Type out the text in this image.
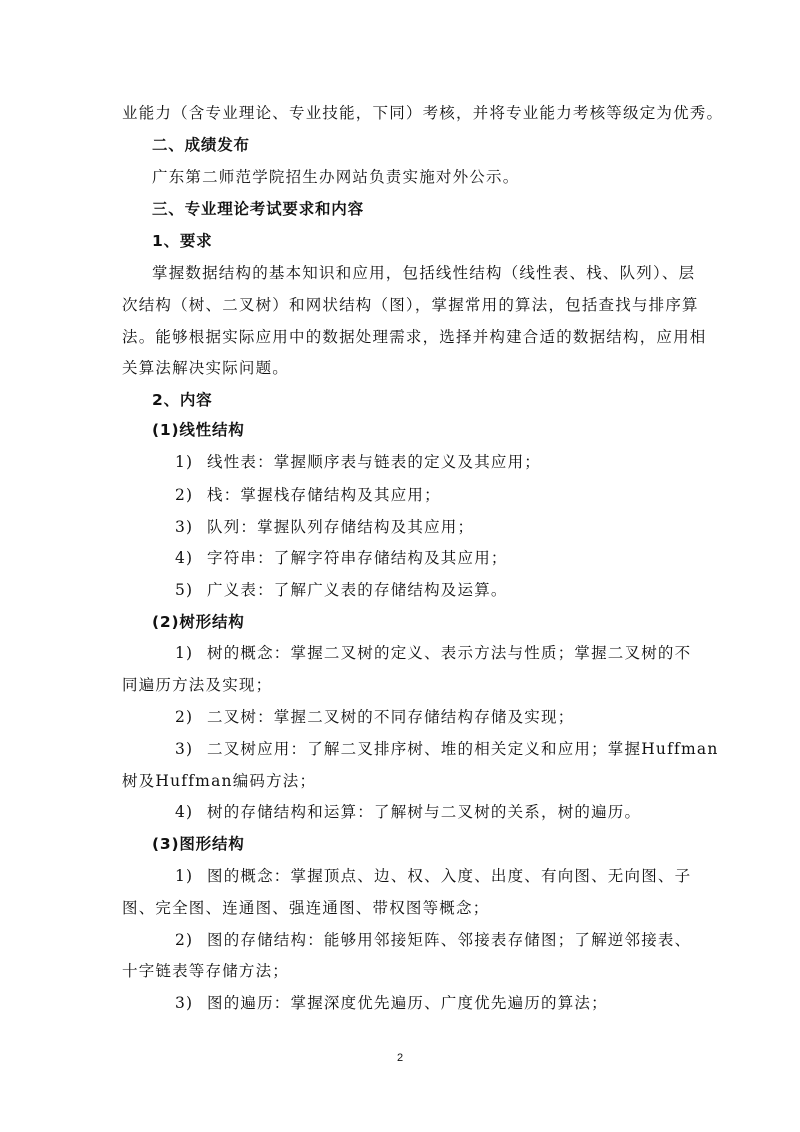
业能力（含专业理论、专业技能，下同）考核，并将专业能力考核等级定为优秀。
二、成绩发布
广东第二师范学院招生办网站负责实施对外公示。
三、专业理论考试要求和内容
1、要求
掌握数据结构的基本知识和应用，包括线性结构（线性表、栈、队列）、层
次结构（树、二叉树）和网状结构（图），掌握常用的算法，包括查找与排序算
法。能够根据实际应用中的数据处理需求，选择并构建合适的数据结构，应用相
关算法解决实际问题。
2、内容
(1)线性结构
1) 线性表：掌握顺序表与链表的定义及其应用；
2) 栈：掌握栈存储结构及其应用；
3) 队列：掌握队列存储结构及其应用；
4) 字符串：了解字符串存储结构及其应用；
5) 广义表：了解广义表的存储结构及运算。
(2)树形结构
1) 树的概念：掌握二叉树的定义、表示方法与性质；掌握二叉树的不
同遍历方法及实现；
2) 二叉树：掌握二叉树的不同存储结构存储及实现；
3) 二叉树应用：了解二叉排序树、堆的相关定义和应用；掌握Huffman
树及Huffman编码方法；
4) 树的存储结构和运算：了解树与二叉树的关系，树的遍历。
(3)图形结构
1) 图的概念：掌握顶点、边、权、入度、出度、有向图、无向图、子
图、完全图、连通图、强连通图、带权图等概念；
2) 图的存储结构：能够用邻接矩阵、邻接表存储图；了解逆邻接表、
十字链表等存储方法；
3) 图的遍历：掌握深度优先遍历、广度优先遍历的算法；
2
